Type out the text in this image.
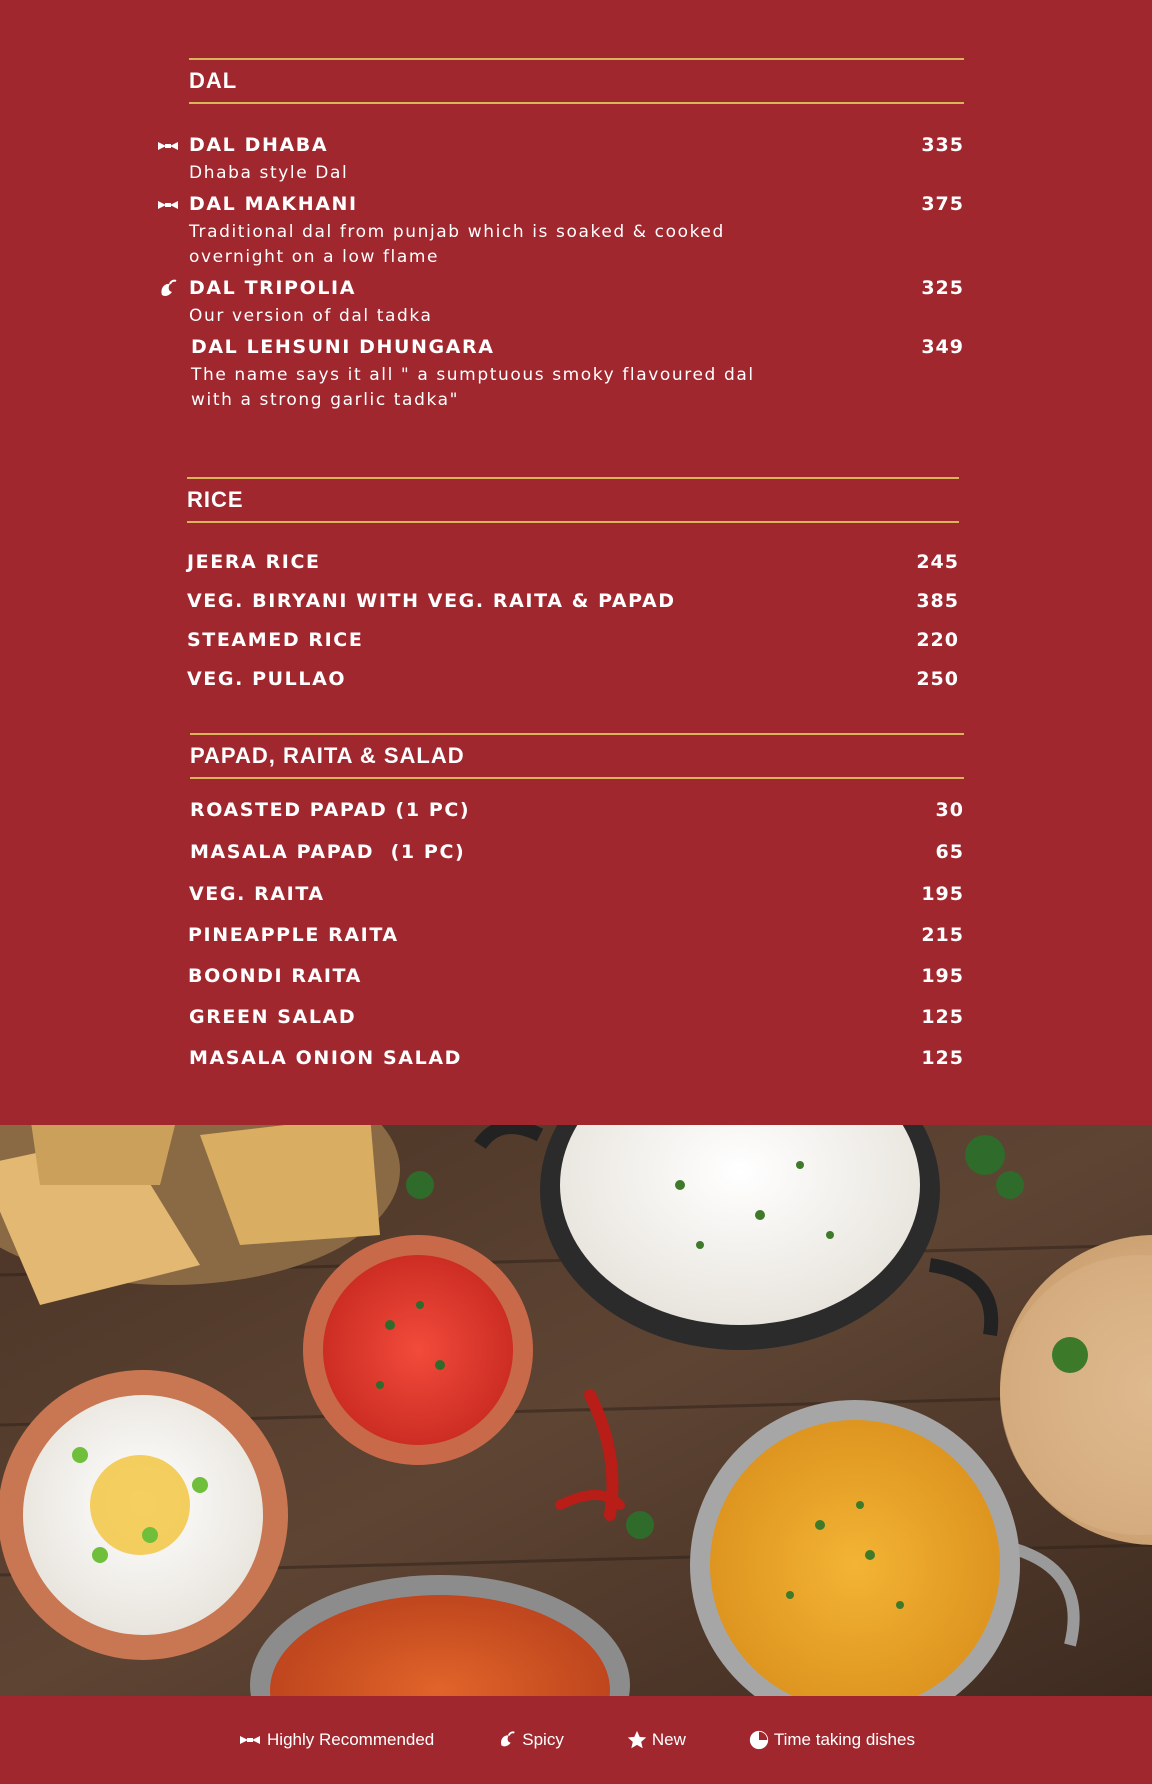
DAL
DAL DHABA	335
Dhaba style Dal
DAL MAKHANI	375
Traditional dal from punjab which is soaked & cooked overnight on a low flame
DAL TRIPOLIA	325
Our version of dal tadka
DAL LEHSUNI DHUNGARA	349
The name says it all " a sumptuous smoky flavoured dal with a strong garlic tadka"
RICE
JEERA RICE	245
VEG. BIRYANI WITH VEG. RAITA & PAPAD	385
STEAMED RICE	220
VEG. PULLAO	250
PAPAD, RAITA & SALAD
ROASTED PAPAD (1 PC)	30
MASALA PAPAD  (1 PC)	65
VEG. RAITA	195
PINEAPPLE RAITA	215
BOONDI RAITA	195
GREEN SALAD	125
MASALA ONION SALAD	125
Highly Recommended	Spicy	New	Time taking dishes
